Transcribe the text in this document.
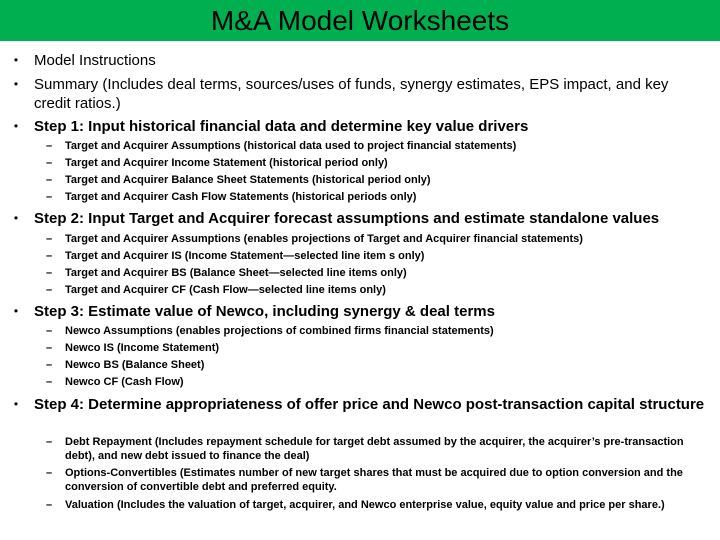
M&A Model Worksheets
•	Model Instructions
•	Summary (Includes deal terms, sources/uses of funds, synergy estimates, EPS impact, and key credit ratios.)
•	Step 1: Input historical financial data and determine key value drivers
–	Target and Acquirer Assumptions (historical data used to project financial statements)
–	Target and Acquirer Income Statement (historical period only)
–	Target and Acquirer Balance Sheet Statements (historical period only)
–	Target and Acquirer Cash Flow Statements (historical periods only)
•	Step 2: Input Target and Acquirer forecast assumptions and estimate standalone values
–	Target and Acquirer Assumptions (enables projections of Target and Acquirer financial statements)
–	Target and Acquirer IS (Income Statement—selected line item s only)
–	Target and Acquirer BS (Balance Sheet—selected line items only)
–	Target and Acquirer CF (Cash Flow—selected line items only)
•	Step 3: Estimate value of Newco, including synergy & deal terms
–	Newco Assumptions (enables projections of combined firms financial statements)
–	Newco IS (Income Statement)
–	Newco BS (Balance Sheet)
–	Newco CF (Cash Flow)
•	Step 4: Determine appropriateness of offer price and Newco post-transaction capital structure
–	Debt Repayment (Includes repayment schedule for target debt assumed by the acquirer, the acquirer’s pre-transaction debt), and new debt issued to finance the deal)
–	Options-Convertibles (Estimates number of new target shares that must be acquired due to option conversion and the conversion of convertible debt and preferred equity.
–	Valuation (Includes the valuation of target, acquirer, and Newco enterprise value, equity value and price per share.)
